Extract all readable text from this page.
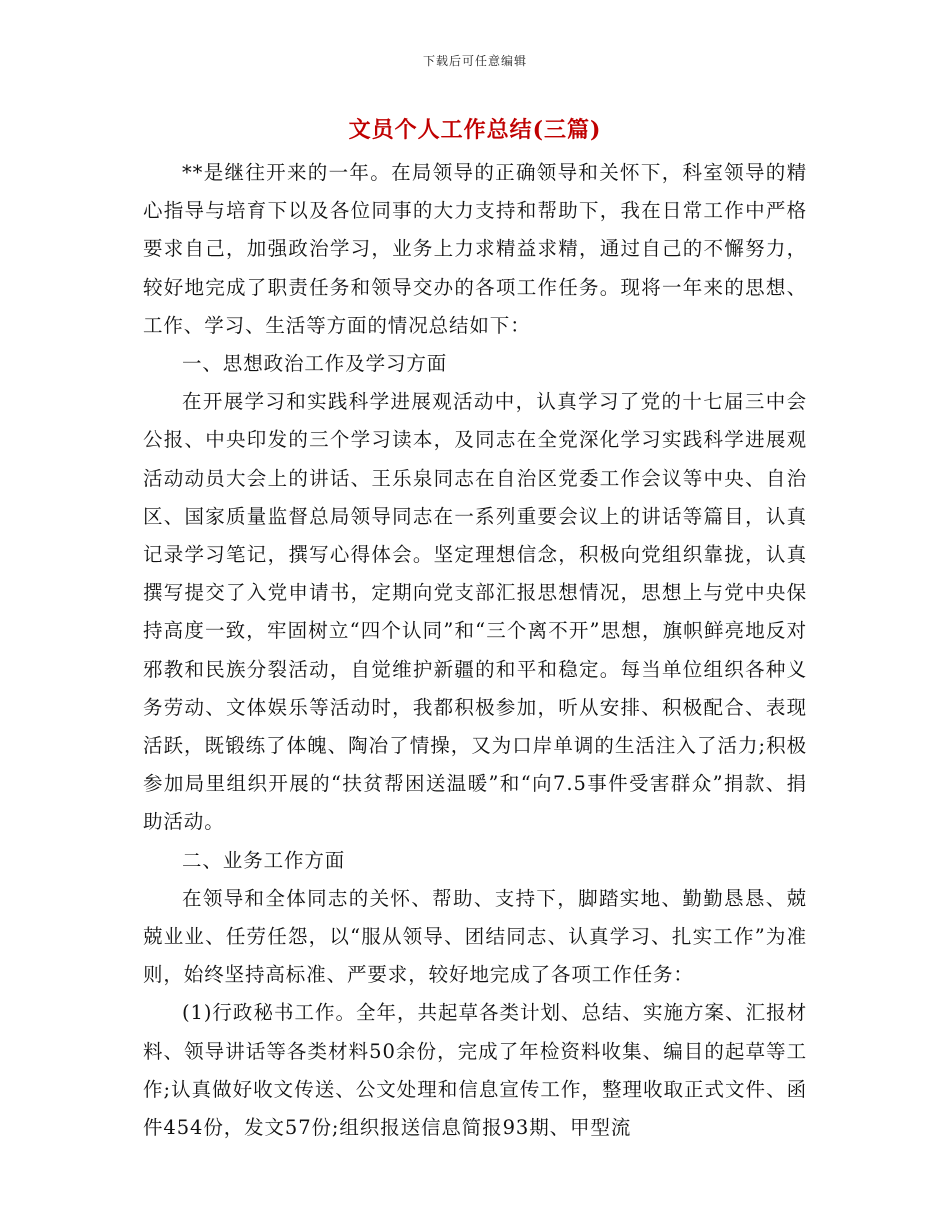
下载后可任意编辑
文员个人工作总结(三篇)

**是继往开来的一年。在局领导的正确领导和关怀下，科室领导的精心指导与培育下以及各位同事的大力支持和帮助下，我在日常工作中严格要求自己，加强政治学习，业务上力求精益求精，通过自己的不懈努力，较好地完成了职责任务和领导交办的各项工作任务。现将一年来的思想、工作、学习、生活等方面的情况总结如下：

一、思想政治工作及学习方面

在开展学习和实践科学进展观活动中，认真学习了党的十七届三中会公报、中央印发的三个学习读本，及同志在全党深化学习实践科学进展观活动动员大会上的讲话、王乐泉同志在自治区党委工作会议等中央、自治区、国家质量监督总局领导同志在一系列重要会议上的讲话等篇目，认真记录学习笔记，撰写心得体会。坚定理想信念，积极向党组织靠拢，认真撰写提交了入党申请书，定期向党支部汇报思想情况，思想上与党中央保持高度一致，牢固树立“四个认同”和“三个离不开”思想，旗帜鲜亮地反对邪教和民族分裂活动，自觉维护新疆的和平和稳定。每当单位组织各种义务劳动、文体娱乐等活动时，我都积极参加，听从安排、积极配合、表现活跃，既锻练了体魄、陶冶了情操，又为口岸单调的生活注入了活力;积极参加局里组织开展的“扶贫帮困送温暖”和“向7.5事件受害群众”捐款、捐助活动。

二、业务工作方面

在领导和全体同志的关怀、帮助、支持下，脚踏实地、勤勤恳恳、兢兢业业、任劳任怨，以“服从领导、团结同志、认真学习、扎实工作”为准则，始终坚持高标准、严要求，较好地完成了各项工作任务：

(1)行政秘书工作。全年，共起草各类计划、总结、实施方案、汇报材料、领导讲话等各类材料50余份，完成了年检资料收集、编目的起草等工作;认真做好收文传送、公文处理和信息宣传工作，整理收取正式文件、函件454份，发文57份;组织报送信息简报93期、甲型流
